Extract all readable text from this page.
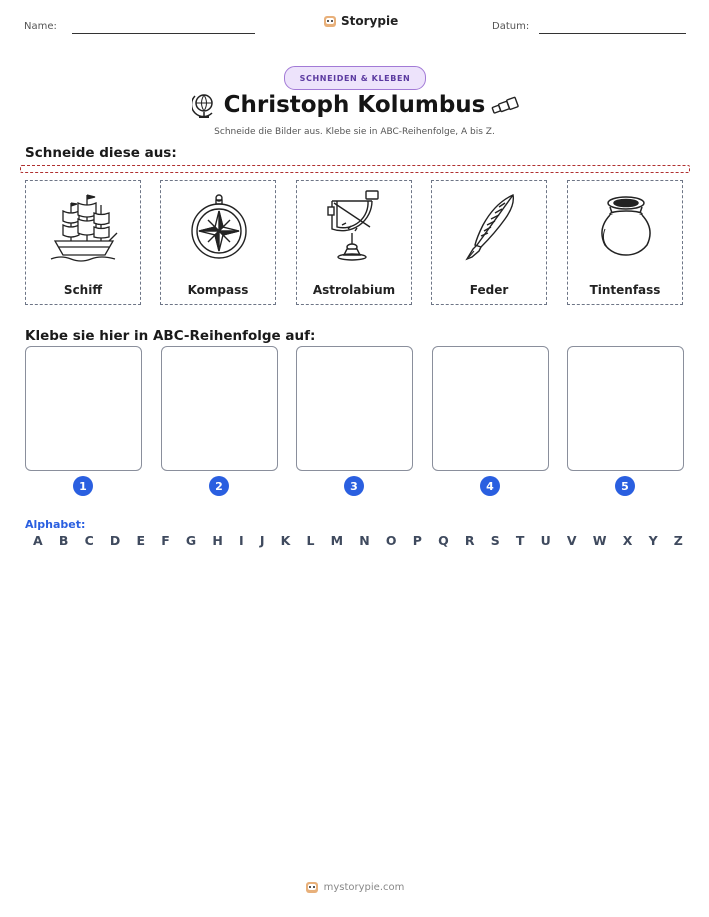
Name:	Storypie	Datum:
SCHNEIDEN & KLEBEN
Christoph Kolumbus
Schneide die Bilder aus. Klebe sie in ABC-Reihenfolge, A bis Z.
Schneide diese aus:
Schiff	Kompass	Astrolabium	Feder	Tintenfass
Klebe sie hier in ABC-Reihenfolge auf:
1	2	3	4	5
Alphabet:
A B C D E F G H I J K L M N O P Q R S T U V W X Y Z
mystorypie.com
